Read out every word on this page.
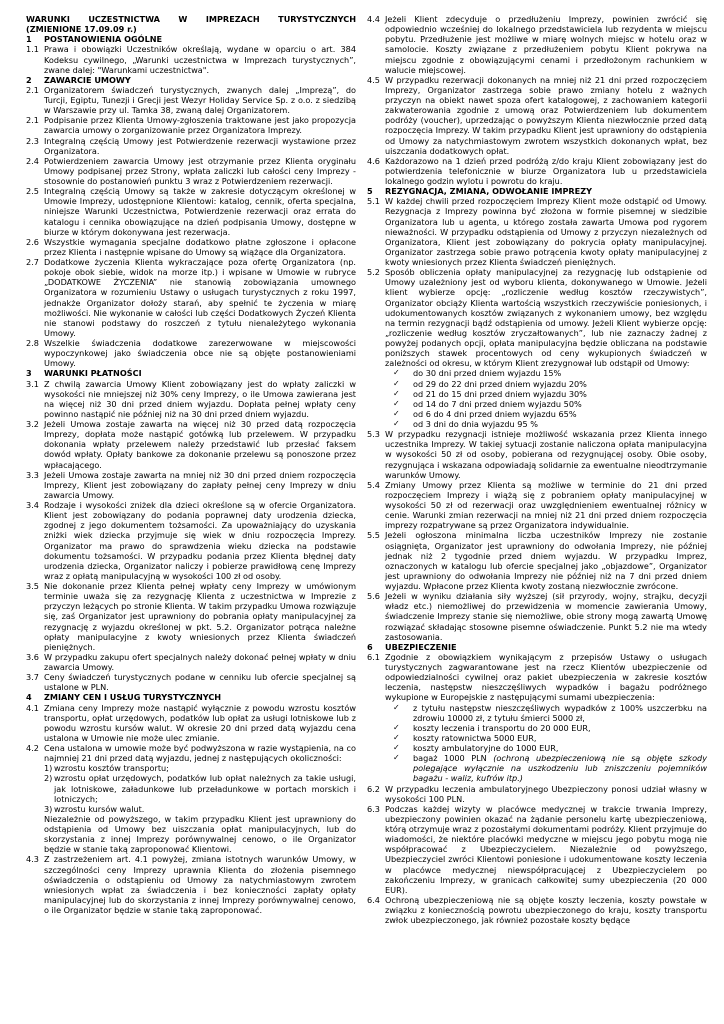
WARUNKI UCZESTNICTWA W IMPREZACH TURYSTYCZNYCH

(ZMIENIONE 17.09.09 r.)

1	POSTANOWIENIA OGÓLNE
1.1 Prawa i obowiązki Uczestników określają, wydane w oparciu o art. 384 Kodeksu cywilnego, „Warunki uczestnictwa w Imprezach turystycznych”, zwane dalej: "Warunkami uczestnictwa".
2	ZAWARCIE UMOWY
2.1 Organizatorem świadczeń turystycznych, zwanych dalej „Imprezą”, do Turcji, Egiptu, Tunezji i Grecji jest Wezyr Holiday Service Sp. z o.o. z siedzibą w Warszawie przy ul. Tamka 38, zwaną dalej Organizatorem.
2.1 Podpisanie przez Klienta Umowy-zgłoszenia traktowane jest jako propozycja zawarcia umowy o zorganizowanie przez Organizatora Imprezy.
2.3 Integralną częścią Umowy jest Potwierdzenie rezerwacji wystawione przez Organizatora.
2.4 Potwierdzeniem zawarcia Umowy jest otrzymanie przez Klienta oryginału Umowy podpisanej przez Strony, wpłata zaliczki lub całości ceny Imprezy - stosownie do postanowień punktu 3 wraz z Potwierdzeniem rezerwacji.
2.5 Integralną częścią Umowy są także w zakresie dotyczącym określonej w Umowie Imprezy, udostępnione Klientowi: katalog, cennik, oferta specjalna, niniejsze Warunki Uczestnictwa, Potwierdzenie rezerwacji oraz errata do katalogu i cennika obowiązujące na dzień podpisania Umowy, dostępne w biurze w którym dokonywana jest rezerwacja.
2.6 Wszystkie wymagania specjalne dodatkowo płatne zgłoszone i opłacone przez Klienta i następnie wpisane do Umowy są wiążące dla Organizatora.
2.7 Dodatkowe życzenia Klienta wykraczające poza ofertę Organizatora (np. pokoje obok siebie, widok na morze itp.) i wpisane w Umowie w rubryce „DODATKOWE ŻYCZENIA” nie stanowią zobowiązania umownego Organizatora w rozumieniu Ustawy o usługach turystycznych z roku 1997, jednakże Organizator dołoży starań, aby spełnić te życzenia w miarę możliwości. Nie wykonanie w całości lub części Dodatkowych Życzeń Klienta nie stanowi podstawy do roszczeń z tytułu nienależytego wykonania Umowy.
2.8 Wszelkie świadczenia dodatkowe zarezerwowane w miejscowości wypoczynkowej jako świadczenia obce nie są objęte postanowieniami Umowy.
3	WARUNKI PŁATNOŚCI
3.1 Z chwilą zawarcia Umowy Klient zobowiązany jest do wpłaty zaliczki w wysokości nie mniejszej niż 30% ceny Imprezy, o ile Umowa zawierana jest na więcej niż 30 dni przed dniem wyjazdu. Dopłata pełnej wpłaty ceny powinno nastąpić nie później niż na 30 dni przed dniem wyjazdu.
3.2 Jeżeli Umowa zostaje zawarta na więcej niż 30 przed datą rozpoczęcia Imprezy, dopłata może nastąpić gotówką lub przelewem. W przypadku dokonania wpłaty przelewem należy przedstawić lub przesłać faksem dowód wpłaty. Opłaty bankowe za dokonanie przelewu są ponoszone przez wpłacającego.
3.3 Jeżeli Umowa zostaje zawarta na mniej niż 30 dni przed dniem rozpoczęcia Imprezy, Klient jest zobowiązany do zapłaty pełnej ceny Imprezy w dniu zawarcia Umowy.
3.4 Rodzaje i wysokości zniżek dla dzieci określone są w ofercie Organizatora. Klient jest zobowiązany do podania poprawnej daty urodzenia dziecka, zgodnej z jego dokumentem tożsamości. Za upoważniający do uzyskania zniżki wiek dziecka przyjmuje się wiek w dniu rozpoczęcia Imprezy. Organizator ma prawo do sprawdzenia wieku dziecka na podstawie dokumentu tożsamości. W przypadku podania przez Klienta błędnej daty urodzenia dziecka, Organizator naliczy i pobierze prawidłową cenę Imprezy wraz z opłatą manipulacyjną w wysokości 100 zł od osoby.
3.5 Nie dokonanie przez Klienta pełnej wpłaty ceny Imprezy w umówionym terminie uważa się za rezygnację Klienta z uczestnictwa w Imprezie z przyczyn leżących po stronie Klienta. W takim przypadku Umowa rozwiązuje się, zaś Organizator jest uprawniony do pobrania opłaty manipulacyjnej za rezygnację z wyjazdu określonej w pkt. 5.2. Organizator potrąca należne opłaty manipulacyjne z kwoty wniesionych przez Klienta świadczeń pieniężnych.
3.6 W przypadku zakupu ofert specjalnych należy dokonać pełnej wpłaty w dniu zawarcia Umowy.
3.7 Ceny świadczeń turystycznych podane w cenniku lub ofercie specjalnej są ustalone w PLN.
4	ZMIANY CEN I USŁUG TURYSTYCZNYCH
4.1 Zmiana ceny Imprezy może nastąpić wyłącznie z powodu wzrostu kosztów transportu, opłat urzędowych, podatków lub opłat za usługi lotniskowe lub z powodu wzrostu kursów walut. W okresie 20 dni przed datą wyjazdu cena ustalona w Umowie nie może ulec zmianie.
4.2 Cena ustalona w umowie może być podwyższona w razie wystąpienia, na co najmniej 21 dni przed datą wyjazdu, jednej z następujących okoliczności:
1) wzrostu kosztów transportu;
2) wzrostu opłat urzędowych, podatków lub opłat należnych za takie usługi, jak lotniskowe, załadunkowe lub przeładunkowe w portach morskich i lotniczych;
3) wzrostu kursów walut.

Niezależnie od powyższego, w takim przypadku Klient jest uprawniony do odstąpienia od Umowy bez uiszczania opłat manipulacyjnych, lub do skorzystania z innej Imprezy porównywalnej cenowo, o ile Organizator będzie w stanie taką zaproponować Klientowi.

4.3 Z zastrzeżeniem art. 4.1 powyżej, zmiana istotnych warunków Umowy, w szczególności ceny Imprezy uprawnia Klienta do złożenia pisemnego oświadczenia o odstąpieniu od Umowy za natychmiastowym zwrotem wniesionych wpłat za świadczenia i bez konieczności zapłaty opłaty manipulacyjnej lub do skorzystania z innej Imprezy porównywalnej cenowo, o ile Organizator będzie w stanie taką zaproponować.
4.4 Jeżeli Klient zdecyduje o przedłużeniu Imprezy, powinien zwrócić się odpowiednio wcześniej do lokalnego przedstawiciela lub rezydenta w miejscu pobytu. Przedłużenie jest możliwe w miarę wolnych miejsc w hotelu oraz w samolocie. Koszty związane z przedłużeniem pobytu Klient pokrywa na miejscu zgodnie z obowiązującymi cenami i przedłożonym rachunkiem w walucie miejscowej.
4.5 W przypadku rezerwacji dokonanych na mniej niż 21 dni przed rozpoczęciem Imprezy, Organizator zastrzega sobie prawo zmiany hotelu z ważnych przyczyn na obiekt nawet spoza ofert katalogowej, z zachowaniem kategorii zakwaterowania zgodnie z umową oraz Potwierdzeniem lub dokumentem podróży (voucher), uprzedzając o powyższym Klienta niezwłocznie przed datą rozpoczęcia Imprezy. W takim przypadku Klient jest uprawniony do odstąpienia od Umowy za natychmiastowym zwrotem wszystkich dokonanych wpłat, bez uiszczania dodatkowych opłat.
4.6 Każdorazowo na 1 dzień przed podróżą z/do kraju Klient zobowiązany jest do potwierdzenia telefonicznie w biurze Organizatora lub u przedstawiciela lokalnego godzin wylotu i powrotu do kraju.
5	REZYGNACJA, ZMIANA, ODWOŁANIE IMPREZY
5.1 W każdej chwili przed rozpoczęciem Imprezy Klient może odstąpić od Umowy. Rezygnacja z Imprezy powinna być złożona w formie pisemnej w siedzibie Organizatora lub u agenta, u którego została zawarta Umowa pod rygorem nieważności. W przypadku odstąpienia od Umowy z przyczyn niezależnych od Organizatora, Klient jest zobowiązany do pokrycia opłaty manipulacyjnej. Organizator zastrzega sobie prawo potrącenia kwoty opłaty manipulacyjnej z kwoty wniesionych przez Klienta świadczeń pieniężnych.
5.2 Sposób obliczenia opłaty manipulacyjnej za rezygnację lub odstąpienie od Umowy uzależniony jest od wyboru klienta, dokonywanego w Umowie. Jeżeli klient wybierze opcję: „rozliczenie według kosztów rzeczywistych”, Organizator obciąży Klienta wartością wszystkich rzeczywiście poniesionych, i udokumentowanych kosztów związanych z wykonaniem umowy, bez względu na termin rezygnacji bądź odstąpienia od umowy. Jeżeli Klient wybierze opcję: „rozliczenie według kosztów zryczałtowanych”, lub nie zaznaczy żadnej z powyżej podanych opcji, opłata manipulacyjna będzie obliczana na podstawie poniższych stawek procentowych od ceny wykupionych świadczeń w zależności od okresu, w którym Klient zrezygnował lub odstąpił od Umowy:
✓	do 30 dni przed dniem wyjazdu 15%
✓	od 29 do 22 dni przed dniem wyjazdu 20%
✓	od 21 do 15 dni przed dniem wyjazdu 30%
✓	od 14 do 7 dni przed dniem wyjazdu 50%
✓	od 6 do 4 dni przed dniem wyjazdu 65%
✓	od 3 dni do dnia wyjazdu 95 %
5.3 W przypadku rezygnacji istnieje możliwość wskazania przez Klienta innego uczestnika Imprezy. W takiej sytuacji zostanie naliczona opłata manipulacyjna w wysokości 50 zł od osoby, pobierana od rezygnującej osoby. Obie osoby, rezygnująca i wskazana odpowiadają solidarnie za ewentualne nieodtrzymanie warunków Umowy.
5.4 Zmiany Umowy przez Klienta są możliwe w terminie do 21 dni przed rozpoczęciem Imprezy i wiążą się z pobraniem opłaty manipulacyjnej w wysokości 50 zł od rezerwacji oraz uwzględnieniem ewentualnej różnicy w cenie. Warunki zmian rezerwacji na mniej niż 21 dni przed dniem rozpoczęcia imprezy rozpatrywane są przez Organizatora indywidualnie.
5.5 Jeżeli ogłoszona minimalna liczba uczestników Imprezy nie zostanie osiągnięta, Organizator jest uprawniony do odwołania Imprezy, nie później jednak niż 2 tygodnie przed dniem wyjazdu. W przypadku Imprez, oznaczonych w katalogu lub ofercie specjalnej jako „objazdowe”, Organizator jest uprawniony do odwołania Imprezy nie później niż na 7 dni przed dniem wyjazdu. Wpłacone przez Klienta kwoty zostaną niezwłocznie zwrócone.
5.6 Jeżeli w wyniku działania siły wyższej (sił przyrody, wojny, strajku, decyzji władz etc.) niemożliwej do przewidzenia w momencie zawierania Umowy, świadczenie Imprezy stanie się niemożliwe, obie strony mogą zawartą Umowę rozwiązać składając stosowne pisemne oświadczenie. Punkt 5.2 nie ma wtedy zastosowania.
6	UBEZPIECZENIE
6.1 Zgodnie z obowiązkiem wynikającym z przepisów Ustawy o usługach turystycznych zagwarantowane jest na rzecz Klientów ubezpieczenie od odpowiedzialności cywilnej oraz pakiet ubezpieczenia w zakresie kosztów leczenia, następstw nieszczęśliwych wypadków i bagażu podróżnego wykupione w Europejskie z następującymi sumami ubezpieczenia:
✓	z tytułu następstw nieszczęśliwych wypadków z 100% uszczerbku na zdrowiu 10000 zł, z tytułu śmierci 5000 zł,
✓	koszty leczenia i transportu do 20 000 EUR,
✓	koszty ratownictwa 5000 EUR,
✓	koszty ambulatoryjne do 1000 EUR,
✓	bagaż 1000 PLN (ochroną ubezpieczeniową nie są objęte szkody polegające wyłącznie na uszkodzeniu lub zniszczeniu pojemników bagażu - waliz, kufrów itp.)
6.2 W przypadku leczenia ambulatoryjnego Ubezpieczony ponosi udział własny w wysokości 100 PLN.
6.3 Podczas każdej wizyty w placówce medycznej w trakcie trwania Imprezy, ubezpieczony powinien okazać na żądanie personelu kartę ubezpieczeniową, którą otrzymuje wraz z pozostałymi dokumentami podróży. Klient przyjmuje do wiadomości, że niektóre placówki medyczne w miejscu jego pobytu mogą nie współpracować z Ubezpieczycielem. Niezależnie od powyższego, Ubezpieczyciel zwróci Klientowi poniesione i udokumentowane koszty leczenia w placówce medycznej niewspółpracującej z Ubezpieczycielem po zakończeniu Imprezy, w granicach całkowitej sumy ubezpieczenia (20 000 EUR).
6.4 Ochroną ubezpieczeniową nie są objęte koszty leczenia, koszty powstałe w związku z koniecznością powrotu ubezpieczonego do kraju, koszty transportu zwłok ubezpieczonego, jak również pozostałe koszty będące
